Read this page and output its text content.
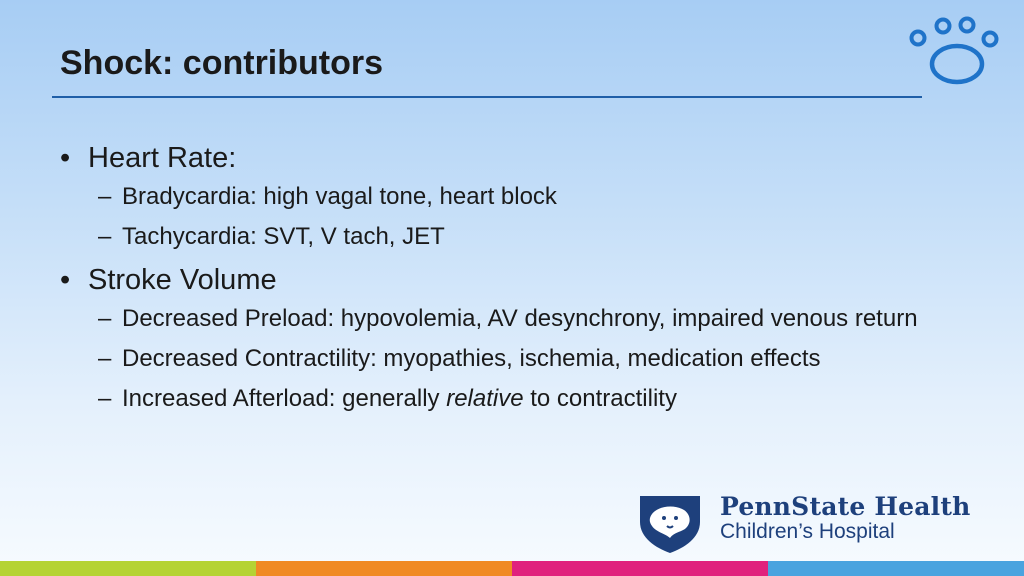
Shock: contributors
• Heart Rate:
– Bradycardia: high vagal tone, heart block
– Tachycardia: SVT, V tach, JET
• Stroke Volume
– Decreased Preload: hypovolemia, AV desynchrony, impaired venous return
– Decreased Contractility: myopathies, ischemia, medication effects
– Increased Afterload: generally relative to contractility
PennState Health
Children’s Hospital
